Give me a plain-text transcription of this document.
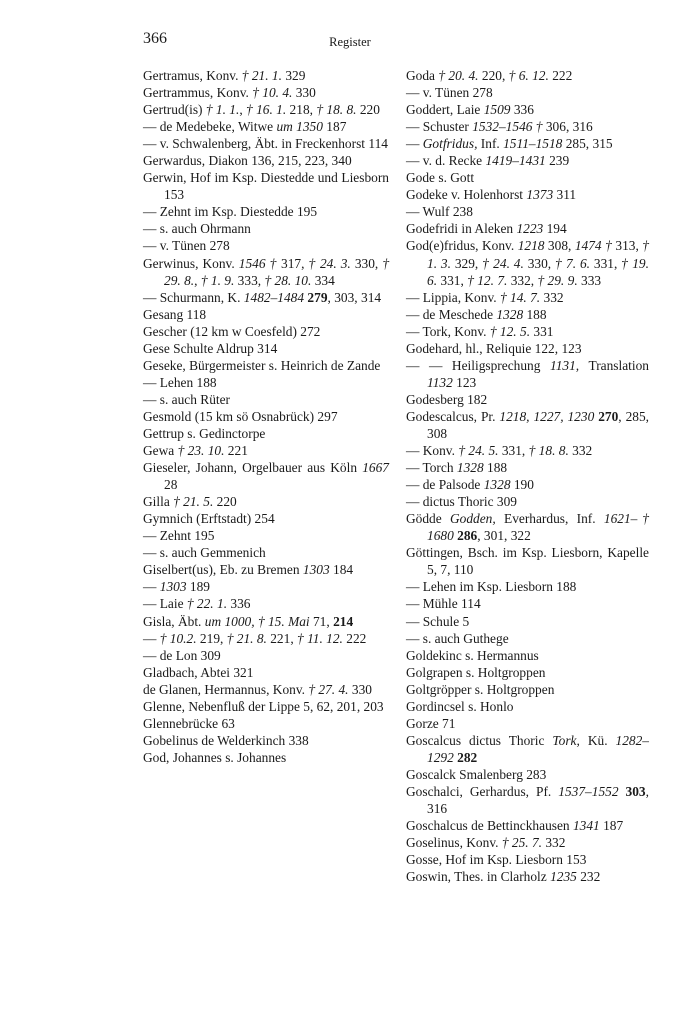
366	Register
Gertramus, Konv. † 21. 1. 329
Gertrammus, Konv. † 10. 4. 330
Gertrud(is) † 1. 1., † 16. 1. 218, † 18. 8. 220
— de Medebeke, Witwe um 1350 187
— v. Schwalenberg, Äbt. in Freckenhorst 114
Gerwardus, Diakon 136, 215, 223, 340
Gerwin, Hof im Ksp. Diestedde und Liesborn 153
— Zehnt im Ksp. Diestedde 195
— s. auch Ohrmann
— v. Tünen 278
Gerwinus, Konv. 1546 † 317, † 24. 3. 330, † 29. 8., † 1. 9. 333, † 28. 10. 334
— Schurmann, K. 1482–1484 279, 303, 314
Gesang 118
Gescher (12 km w Coesfeld) 272
Gese Schulte Aldrup 314
Geseke, Bürgermeister s. Heinrich de Zande
— Lehen 188
— s. auch Rüter
Gesmold (15 km sö Osnabrück) 297
Gettrup s. Gedinctorpe
Gewa † 23. 10. 221
Gieseler, Johann, Orgelbauer aus Köln 1667 28
Gilla † 21. 5. 220
Gymnich (Erftstadt) 254
— Zehnt 195
— s. auch Gemmenich
Giselbert(us), Eb. zu Bremen 1303 184
— 1303 189
— Laie † 22. 1. 336
Gisla, Äbt. um 1000, † 15. Mai 71, 214
— † 10.2. 219, † 21. 8. 221, † 11. 12. 222
— de Lon 309
Gladbach, Abtei 321
de Glanen, Hermannus, Konv. † 27. 4. 330
Glenne, Nebenfluß der Lippe 5, 62, 201, 203
Glennebrücke 63
Gobelinus de Welderkinch 338
God, Johannes s. Johannes
Goda † 20. 4. 220, † 6. 12. 222
— v. Tünen 278
Goddert, Laie 1509 336
— Schuster 1532–1546 † 306, 316
— Gotfridus, Inf. 1511–1518 285, 315
— v. d. Recke 1419–1431 239
Gode s. Gott
Godeke v. Holenhorst 1373 311
— Wulf 238
Godefridi in Aleken 1223 194
God(e)fridus, Konv. 1218 308, 1474 † 313, † 1. 3. 329, † 24. 4. 330, † 7. 6. 331, † 19. 6. 331, † 12. 7. 332, † 29. 9. 333
— Lippia, Konv. † 14. 7. 332
— de Meschede 1328 188
— Tork, Konv. † 12. 5. 331
Godehard, hl., Reliquie 122, 123
— — Heiligsprechung 1131, Translation 1132 123
Godesberg 182
Godescalcus, Pr. 1218, 1227, 1230 270, 285, 308
— Konv. † 24. 5. 331, † 18. 8. 332
— Torch 1328 188
— de Palsode 1328 190
— dictus Thoric 309
Gödde Godden, Everhardus, Inf. 1621–† 1680 286, 301, 322
Göttingen, Bsch. im Ksp. Liesborn, Kapelle 5, 7, 110
— Lehen im Ksp. Liesborn 188
— Mühle 114
— Schule 5
— s. auch Guthege
Goldekinc s. Hermannus
Golgrapen s. Holtgroppen
Goltgröpper s. Holtgroppen
Gordincsel s. Honlo
Gorze 71
Goscalcus dictus Thoric Tork, Kü. 1282–1292 282
Goscalck Smalenberg 283
Goschalci, Gerhardus, Pf. 1537–1552 303, 316
Goschalcus de Bettinckhausen 1341 187
Goselinus, Konv. † 25. 7. 332
Gosse, Hof im Ksp. Liesborn 153
Goswin, Thes. in Clarholz 1235 232
